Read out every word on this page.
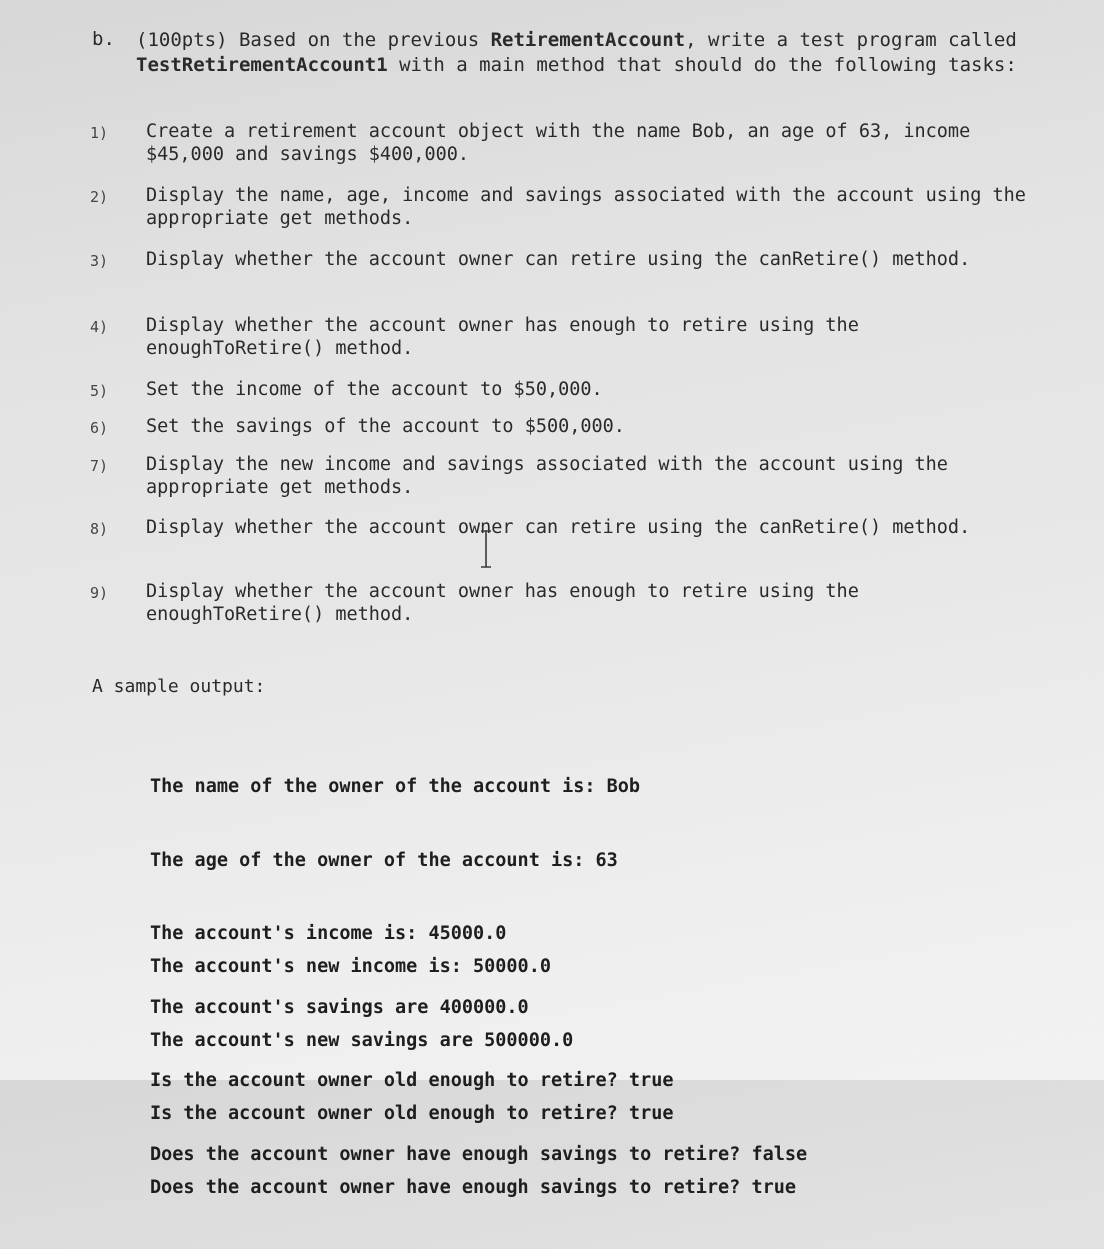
b. (100pts) Based on the previous RetirementAccount, write a test program called TestRetirementAccount1 with a main method that should do the following tasks:
1)	Create a retirement account object with the name Bob, an age of 63, income $45,000 and savings $400,000.
2)	Display the name, age, income and savings associated with the account using the appropriate get methods.
3)	Display whether the account owner can retire using the canRetire() method.
4)	Display whether the account owner has enough to retire using the enoughToRetire() method.
5)	Set the income of the account to $50,000.
6)	Set the savings of the account to $500,000.
7)	Display the new income and savings associated with the account using the appropriate get methods.
8)	Display whether the account owner can retire using the canRetire() method.
9)	Display whether the account owner has enough to retire using the enoughToRetire() method.
A sample output:

The name of the owner of the account is: Bob

The age of the owner of the account is: 63

The account's income is: 45000.0

The account's savings are 400000.0

Is the account owner old enough to retire? true

Does the account owner have enough savings to retire? false

The account's new income is: 50000.0

The account's new savings are 500000.0

Is the account owner old enough to retire? true

Does the account owner have enough savings to retire? true
